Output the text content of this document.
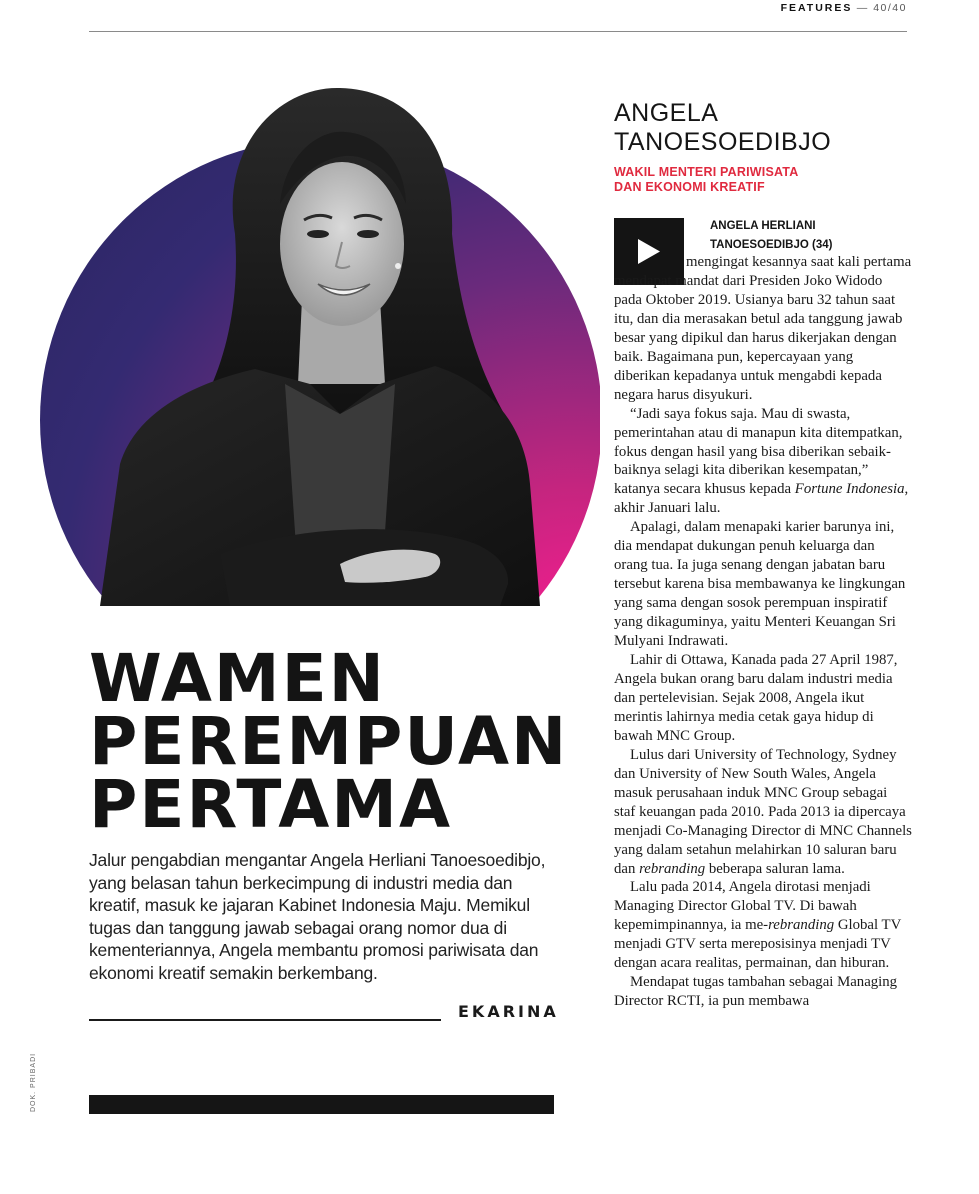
FEATURES — 40/40
WAMEN
PEREMPUAN
PERTAMA

Jalur pengabdian mengantar Angela Herliani Tanoesoedibjo, yang belasan tahun berkecimpung di industri media dan kreatif, masuk ke jajaran Kabinet Indonesia Maju. Memikul tugas dan tanggung jawab sebagai orang nomor dua di kementeriannya, Angela membantu promosi pariwisata dan ekonomi kreatif semakin berkembang.

EKARINA
DOK. PRIBADI
ANGELA
TANOESOEDIBJO
WAKIL MENTERI PARIWISATA
DAN EKONOMI KREATIF
ANGELA HERLIANI
TANOESOEDIBJO (34)

mengingat kesannya saat kali pertama mendapat mandat dari Presiden Joko Widodo pada Oktober 2019. Usianya baru 32 tahun saat itu, dan dia merasakan betul ada tanggung jawab besar yang dipikul dan harus dikerjakan dengan baik. Bagaimana pun, kepercayaan yang diberikan kepadanya untuk mengabdi kepada negara harus disyukuri.

“Jadi saya fokus saja. Mau di swasta, pemerintahan atau di manapun kita ditempatkan, fokus dengan hasil yang bisa diberikan sebaik-baiknya selagi kita diberikan kesempatan,” katanya secara khusus kepada Fortune Indonesia, akhir Januari lalu.

Apalagi, dalam menapaki karier barunya ini, dia mendapat dukungan penuh keluarga dan orang tua. Ia juga senang dengan jabatan baru tersebut karena bisa membawanya ke lingkungan yang sama dengan sosok perempuan inspiratif yang dikaguminya, yaitu Menteri Keuangan Sri Mulyani Indrawati.

Lahir di Ottawa, Kanada pada 27 April 1987, Angela bukan orang baru dalam industri media dan pertelevisian. Sejak 2008, Angela ikut merintis lahirnya media cetak gaya hidup di bawah MNC Group.

Lulus dari University of Technology, Sydney dan University of New South Wales, Angela masuk perusahaan induk MNC Group sebagai staf keuangan pada 2010. Pada 2013 ia dipercaya menjadi Co-Managing Director di MNC Channels yang dalam setahun melahirkan 10 saluran baru dan rebranding beberapa saluran lama.

Lalu pada 2014, Angela dirotasi menjadi Managing Director Global TV. Di bawah kepemimpinannya, ia me-rebranding Global TV menjadi GTV serta mereposisinya menjadi TV dengan acara realitas, permainan, dan hiburan.

Mendapat tugas tambahan sebagai Managing Director RCTI, ia pun membawa
